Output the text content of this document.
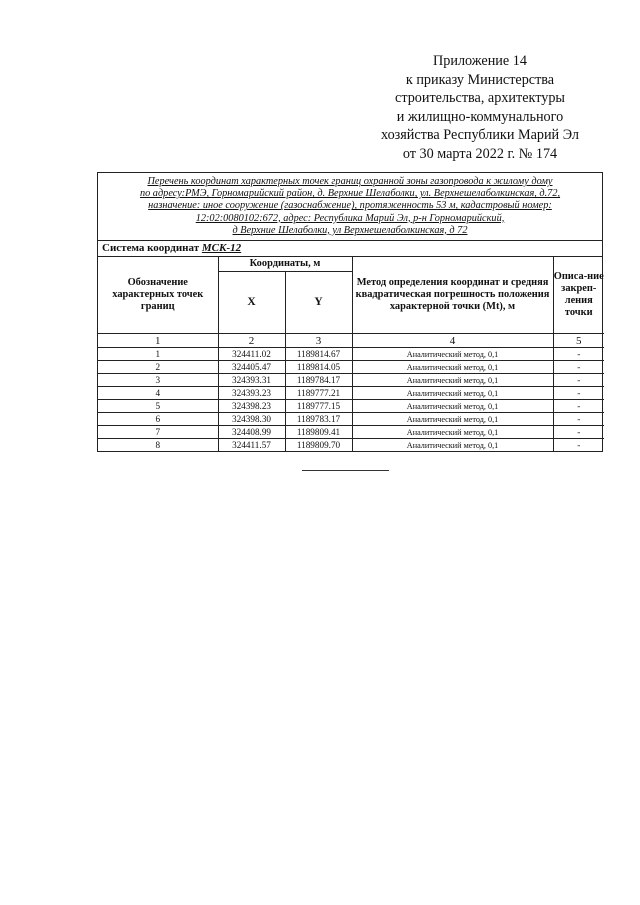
Приложение 14
к приказу Министерства
строительства, архитектуры
и жилищно-коммунального
хозяйства Республики Марий Эл
от 30 марта 2022 г. № 174
Перечень координат характерных точек границ охранной зоны газопровода к жилому дому
по адресу:РМЭ, Горномарийский район, д. Верхние Шелаболки, ул. Верхнешелаболкинская, д.72,
назначение: иное сооружение (газоснабжение), протяженность 53 м, кадастровый номер:
12:02:0080102:672, адрес: Республика Марий Эл, р-н Горномарийский,
д Верхние Шелаболки, ул Верхнешелаболкинская, д 72
Система координат МСК-12
Обозначение характерных точек границ	Координаты, м		Метод определения координат и средняя квадратическая погрешность положения характерной точки (Mt), м	Описа-ние закреп-ления точки
	X	Y		
1	2	3	4	5
1	324411.02	1189814.67	Аналитический метод, 0,1	-
2	324405.47	1189814.05	Аналитический метод, 0,1	-
3	324393.31	1189784.17	Аналитический метод, 0,1	-
4	324393.23	1189777.21	Аналитический метод, 0,1	-
5	324398.23	1189777.15	Аналитический метод, 0,1	-
6	324398.30	1189783.17	Аналитический метод, 0,1	-
7	324408.99	1189809.41	Аналитический метод, 0,1	-
8	324411.57	1189809.70	Аналитический метод, 0,1	-
